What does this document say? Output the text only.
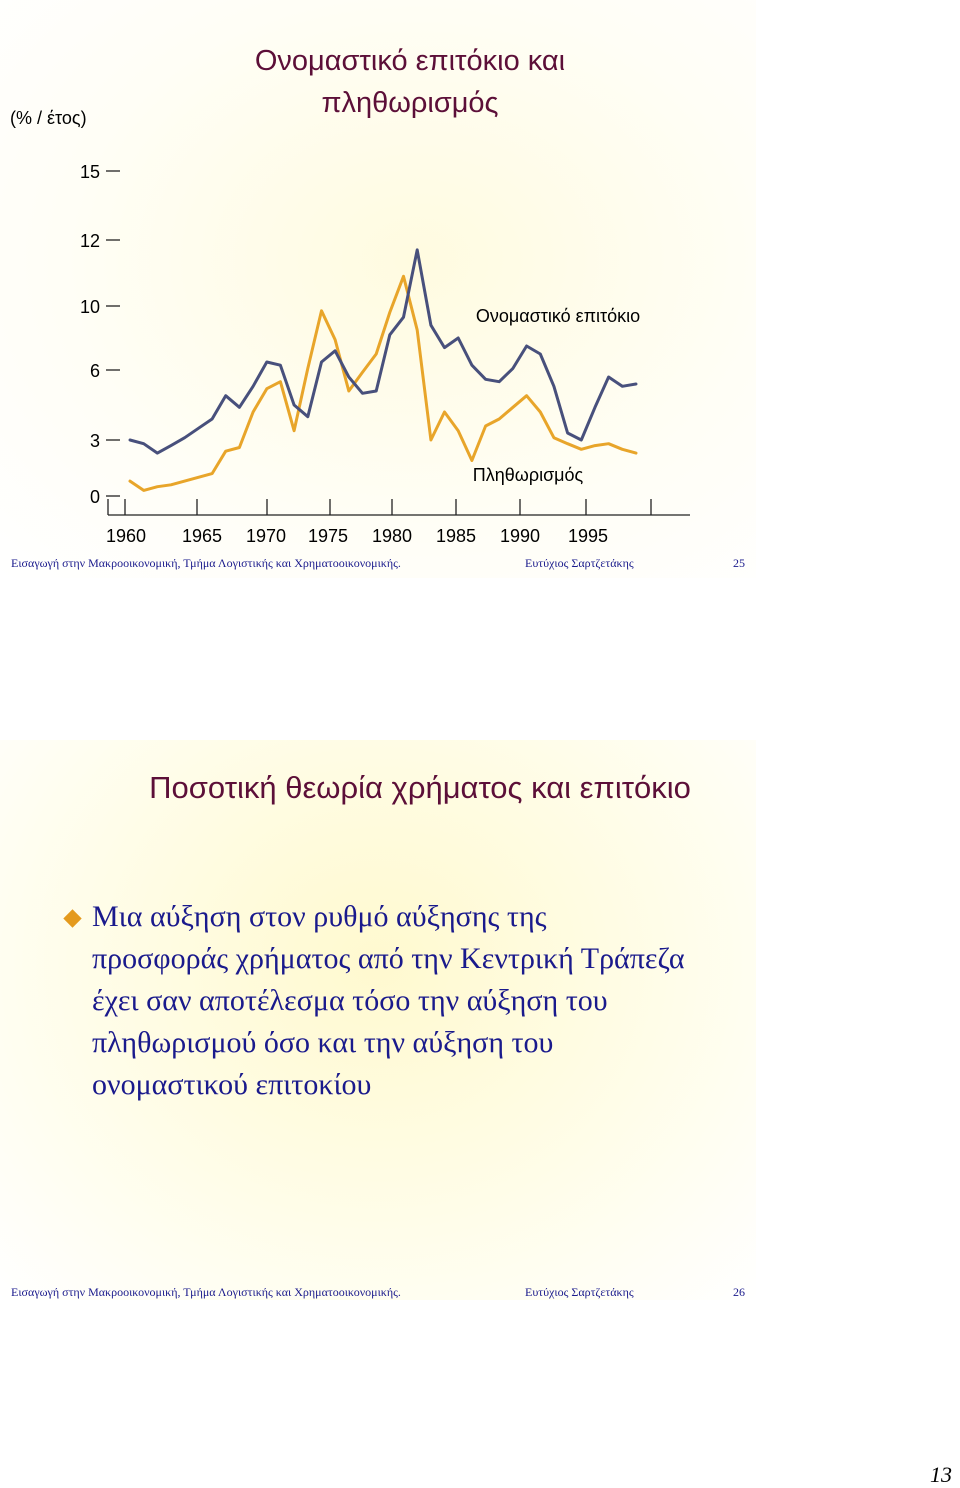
Ονομαστικό επιτόκιο και πληθωρισμός
(% / έτος)
15
12
10
6
3
0
1960 1965 1970 1975 1980 1985 1990 1995
Ονομαστικό επιτόκιο
Πληθωρισμός
Εισαγωγή στην Μακροοικονομική, Τμήμα Λογιστικής και Χρηματοοικονομικής.	Ευτύχιος Σαρτζετάκης	25
Ποσοτική θεωρία χρήματος και επιτόκιο
Μια αύξηση στον ρυθμό αύξησης της προσφοράς χρήματος από την Κεντρική Τράπεζα έχει σαν αποτέλεσμα τόσο την αύξηση του πληθωρισμού όσο και την αύξηση του ονομαστικού επιτοκίου
Εισαγωγή στην Μακροοικονομική, Τμήμα Λογιστικής και Χρηματοοικονομικής.	Ευτύχιος Σαρτζετάκης	26
13
